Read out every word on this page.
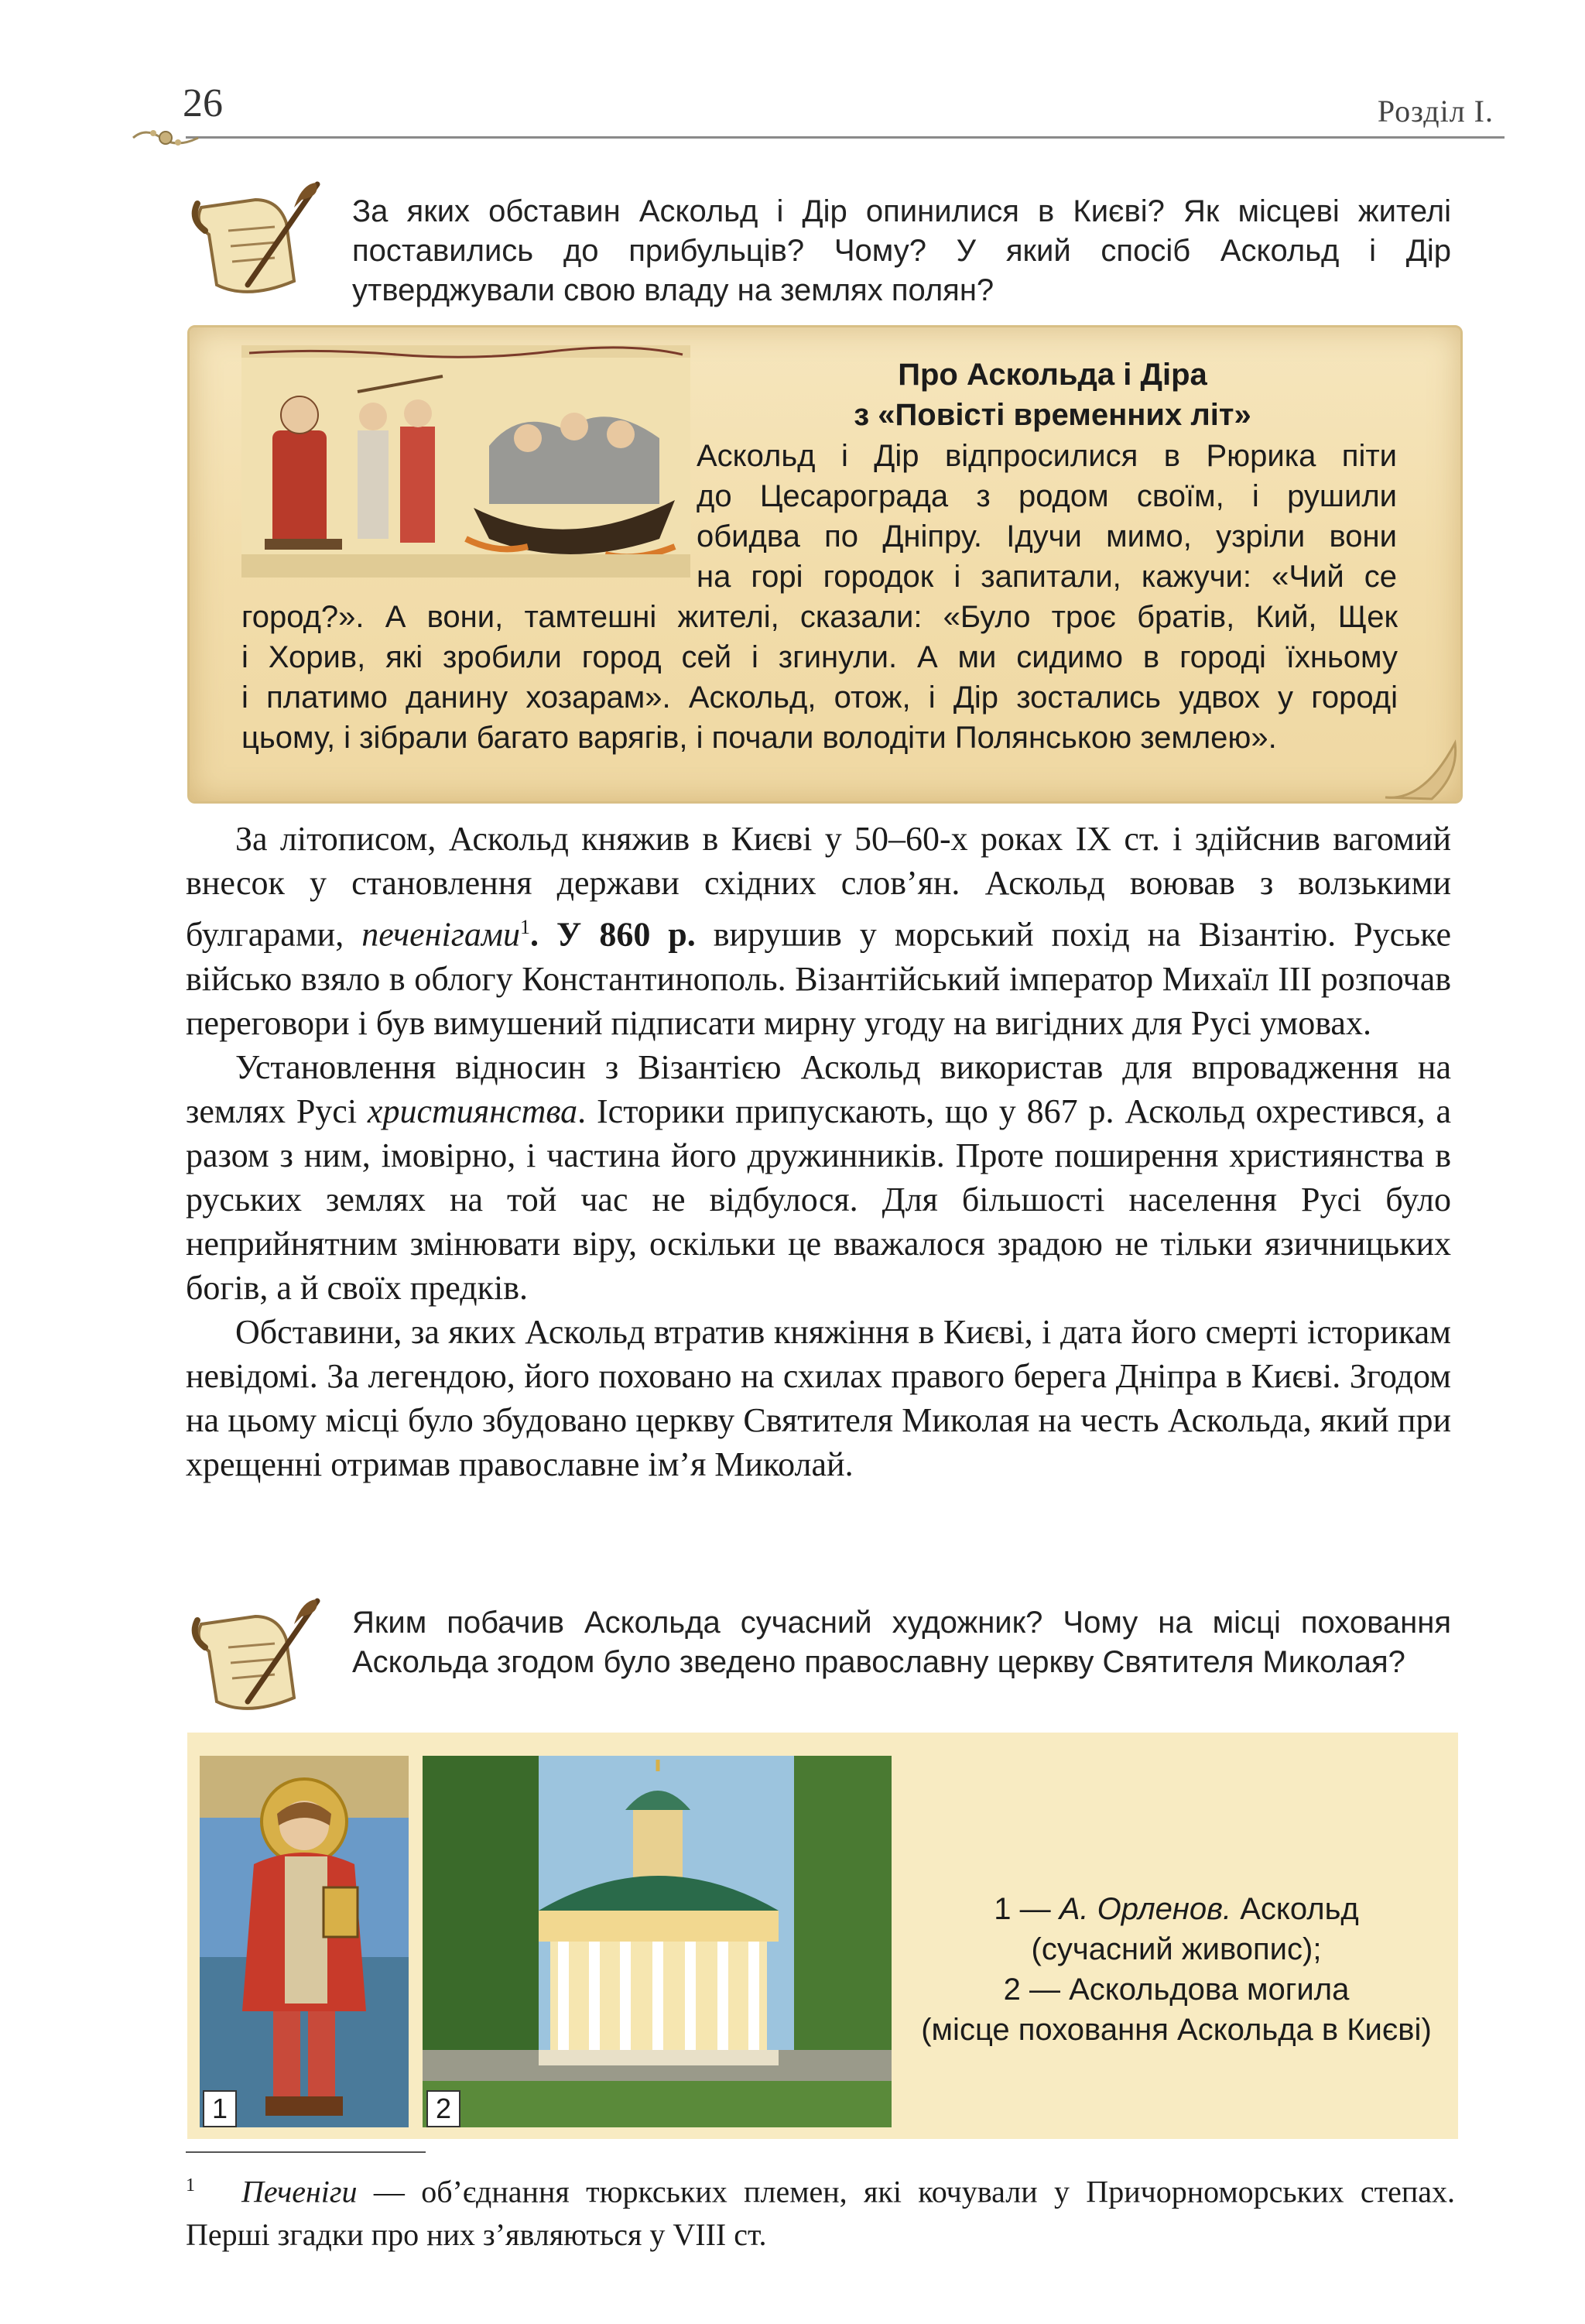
26	Розділ І.
За яких обставин Аскольд і Дір опинилися в Києві? Як місцеві жителі поставились до прибульців? Чому? У який спосіб Аскольд і Дір утверджували свою владу на землях полян?
Про Аскольда і Діра
з «Повісті временних літ»
Аскольд і Дір відпросилися в Рюрика піти
до Цесарограда з родом своїм, і рушили
обидва по Дніпру. Ідучи мимо, узріли вони
на горі городок і запитали, кажучи: «Чий се
город?». А вони, тамтешні жителі, сказали: «Було троє братів, Кий, Щек
і Хорив, які зробили город сей і згинули. А ми сидимо в городі їхньому
і платимо данину хозарам». Аскольд, отож, і Дір зостались удвох у городі
цьому, і зібрали багато варягів, і почали володіти Полянською землею».

За літописом, Аскольд княжив в Києві у 50–60-х роках IX ст. і здійснив вагомий внесок у становлення держави східних слов’ян. Аскольд воював з волзькими булгарами, печенігами$^1$. У 860 р. вирушив у морський похід на Візантію. Руське військо взяло в облогу Константинополь. Візантійський імператор Михаїл III розпочав переговори і був вимушений підписати мирну угоду на вигідних для Русі умовах.

Установлення відносин з Візантією Аскольд використав для впровадження на землях Русі християнства. Історики припускають, що у 867 р. Аскольд охрестився, а разом з ним, імовірно, і частина його дружинників. Проте поширення християнства в руських землях на той час не відбулося. Для більшості населення Русі було неприйнятним змінювати віру, оскільки це вважалося зрадою не тільки язичницьких богів, а й своїх предків.

Обставини, за яких Аскольд втратив княжіння в Києві, і дата його смерті історикам невідомі. За легендою, його поховано на схилах правого берега Дніпра в Києві. Згодом на цьому місці було збудовано церкву Святителя Миколая на честь Аскольда, який при хрещенні отримав православне ім’я Миколай.

Яким побачив Аскольда сучасний художник? Чому на місці поховання Аскольда згодом було зведено православну церкву Святителя Миколая?
1	2
1 — А. Орленов. Аскольд
(сучасний живопис);
2 — Аскольдова могила
(місце поховання Аскольда в Києві)
$^1$ Печеніги — об’єднання тюркських племен, які кочували у Причорноморських степах. Перші згадки про них з’являються у VIII ст.
